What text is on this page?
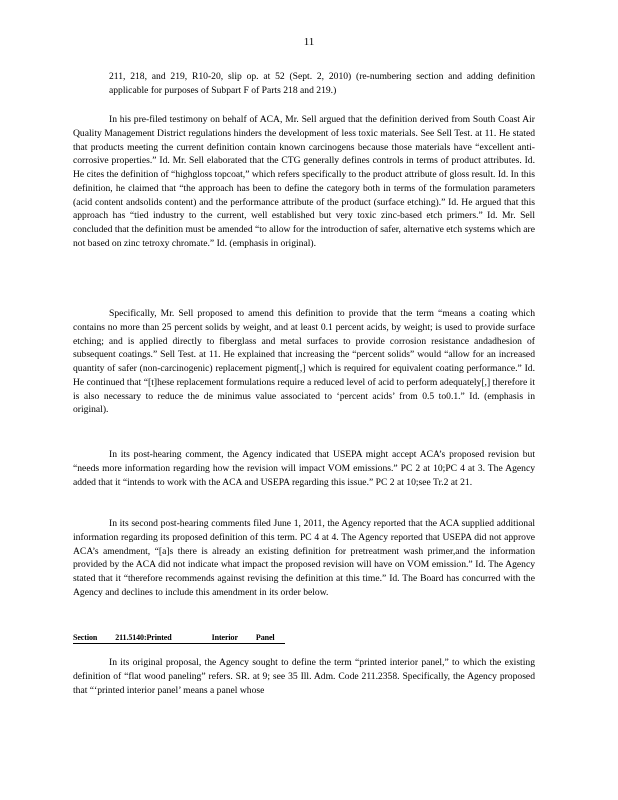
11

211, 218, and 219, R10-20, slip op. at 52 (Sept. 2, 2010) (re-numbering section and adding definition applicable for purposes of Subpart F of Parts 218 and 219.)

In his pre-filed testimony on behalf of ACA, Mr. Sell argued that the definition derived from South Coast Air Quality Management District regulations hinders the development of less toxic materials. See Sell Test. at 11. He stated that products meeting the current definition contain known carcinogens because those materials have “excellent anti-corrosive properties.” Id. Mr. Sell elaborated that the CTG generally defines controls in terms of product attributes. Id. He cites the definition of “highgloss topcoat,” which refers specifically to the product attribute of gloss result. Id. In this definition, he claimed that “the approach has been to define the category both in terms of the formulation parameters (acid content andsolids content) and the performance attribute of the product (surface etching).” Id. He argued that this approach has “tied industry to the current, well established but very toxic zinc-based etch primers.” Id. Mr. Sell concluded that the definition must be amended “to allow for the introduction of safer, alternative etch systems which are not based on zinc tetroxy chromate.” Id. (emphasis in original).

Specifically, Mr. Sell proposed to amend this definition to provide that the term “means a coating which contains no more than 25 percent solids by weight, and at least 0.1 percent acids, by weight; is used to provide surface etching; and is applied directly to fiberglass and metal surfaces to provide corrosion resistance andadhesion of subsequent coatings.” Sell Test. at 11. He explained that increasing the “percent solids” would “allow for an increased quantity of safer (non-carcinogenic) replacement pigment[,] which is required for equivalent coating performance.” Id. He continued that “[t]hese replacement formulations require a reduced level of acid to perform adequately[,] therefore it is also necessary to reduce the de minimus value associated to ‘percent acids’ from 0.5 to0.1.” Id. (emphasis in original).

In its post-hearing comment, the Agency indicated that USEPA might accept ACA’s proposed revision but “needs more information regarding how the revision will impact VOM emissions.” PC 2 at 10;PC 4 at 3. The Agency added that it “intends to work with the ACA and USEPA regarding this issue.” PC 2 at 10;see Tr.2 at 21.

In its second post-hearing comments filed June 1, 2011, the Agency reported that the ACA supplied additional information regarding its proposed definition of this term. PC 4 at 4. The Agency reported that USEPA did not approve ACA’s amendment, “[a]s there is already an existing definition for pretreatment wash primer,and the information provided by the ACA did not indicate what impact the proposed revision will have on VOM emission.” Id. The Agency stated that it “therefore recommends against revising the definition at this time.” Id. The Board has concurred with the Agency and declines to include this amendment in its order below.

Section 211.5140:Printed	Interior Panel

In its original proposal, the Agency sought to define the term “printed interior panel,” to which the existing definition of “flat wood paneling” refers. SR. at 9; see 35 Ill. Adm. Code 211.2358. Specifically, the Agency proposed that “‘printed interior panel’ means a panel whose
